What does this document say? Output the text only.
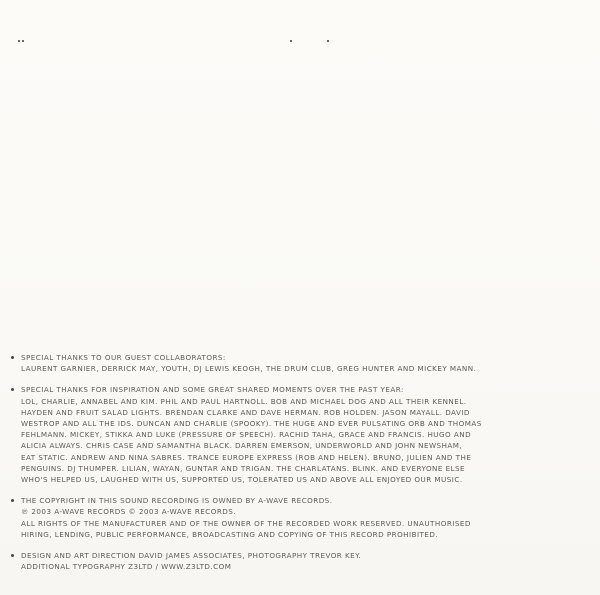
SPECIAL THANKS TO OUR GUEST COLLABORATORS:
LAURENT GARNIER, DERRICK MAY, YOUTH, DJ LEWIS KEOGH, THE DRUM CLUB, GREG HUNTER AND MICKEY MANN.
SPECIAL THANKS FOR INSPIRATION AND SOME GREAT SHARED MOMENTS OVER THE PAST YEAR:
LOL, CHARLIE, ANNABEL AND KIM. PHIL AND PAUL HARTNOLL. BOB AND MICHAEL DOG AND ALL THEIR KENNEL.
HAYDEN AND FRUIT SALAD LIGHTS. BRENDAN CLARKE AND DAVE HERMAN. ROB HOLDEN. JASON MAYALL. DAVID
WESTROP AND ALL THE IDS. DUNCAN AND CHARLIE (SPOOKY). THE HUGE AND EVER PULSATING ORB AND THOMAS
FEHLMANN. MICKEY, STIKKA AND LUKE (PRESSURE OF SPEECH). RACHID TAHA, GRACE AND FRANCIS. HUGO AND
ALICIA ALWAYS. CHRIS CASE AND SAMANTHA BLACK. DARREN EMERSON, UNDERWORLD AND JOHN NEWSHAM,
EAT STATIC. ANDREW AND NINA SABRES. TRANCE EUROPE EXPRESS (ROB AND HELEN). BRUNO, JULIEN AND THE
PENGUINS. DJ THUMPER. LILIAN, WAYAN, GUNTAR AND TRIGAN. THE CHARLATANS. BLINK. AND EVERYONE ELSE
WHO'S HELPED US, LAUGHED WITH US, SUPPORTED US, TOLERATED US AND ABOVE ALL ENJOYED OUR MUSIC.
THE COPYRIGHT IN THIS SOUND RECORDING IS OWNED BY A-WAVE RECORDS.
℗ 2003 A-WAVE RECORDS © 2003 A-WAVE RECORDS.
ALL RIGHTS OF THE MANUFACTURER AND OF THE OWNER OF THE RECORDED WORK RESERVED. UNAUTHORISED
HIRING, LENDING, PUBLIC PERFORMANCE, BROADCASTING AND COPYING OF THIS RECORD PROHIBITED.
DESIGN AND ART DIRECTION DAVID JAMES ASSOCIATES, PHOTOGRAPHY TREVOR KEY.
ADDITIONAL TYPOGRAPHY Z3LTD / WWW.Z3LTD.COM
